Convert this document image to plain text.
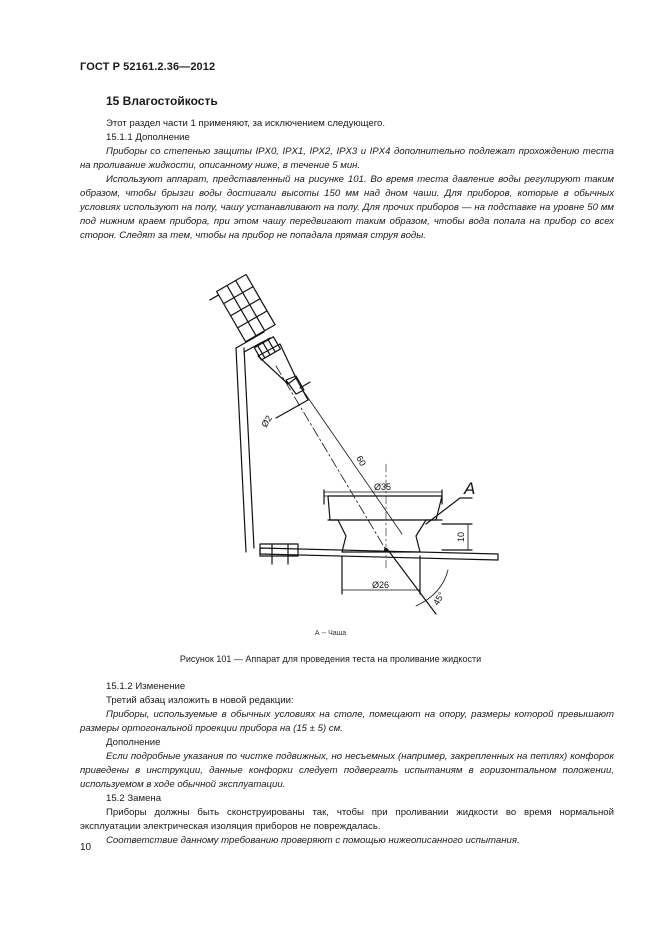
ГОСТ Р 52161.2.36—2012
15 Влагостойкость

Этот раздел части 1 применяют, за исключением следующего.

15.1.1 Дополнение

Приборы со степенью защиты IPX0, IPX1, IPX2, IPX3 и IPX4 дополнительно подлежат прохождению теста на проливание жидкости, описанному ниже, в течение 5 мин.

Используют аппарат, представленный на рисунке 101. Во время теста давление воды регулируют таким образом, чтобы брызги воды достигали высоты 150 мм над дном чаши. Для приборов, которые в обычных условиях используют на полу, чашу устанавливают на полу. Для прочих приборов — на подставке на уровне 50 мм под нижним краем прибора, при этом чашу передвигают таким образом, чтобы вода попала на прибор со всех сторон. Следят за тем, чтобы на прибор не попадала прямая струя воды.

Ø2
60
Ø35
Ø26
10
45°
A
А -- Чаша
Рисунок 101 — Аппарат для проведения теста на проливание жидкости

15.1.2 Изменение

Третий абзац изложить в новой редакции:

Приборы, используемые в обычных условиях на столе, помещают на опору, размеры которой превышают размеры ортогональной проекции прибора на (15 ± 5) см.

Дополнение

Если подробные указания по чистке подвижных, но несъемных (например, закрепленных на петлях) конфорок приведены в инструкции, данные конфорки следует подвергать испытаниям в горизонтальном положении, используемом в ходе обычной эксплуатации.

15.2 Замена

Приборы должны быть сконструированы так, чтобы при проливании жидкости во время нормальной эксплуатации электрическая изоляция приборов не повреждалась.

Соответствие данному требованию проверяют с помощью нижеописанного испытания.

10
